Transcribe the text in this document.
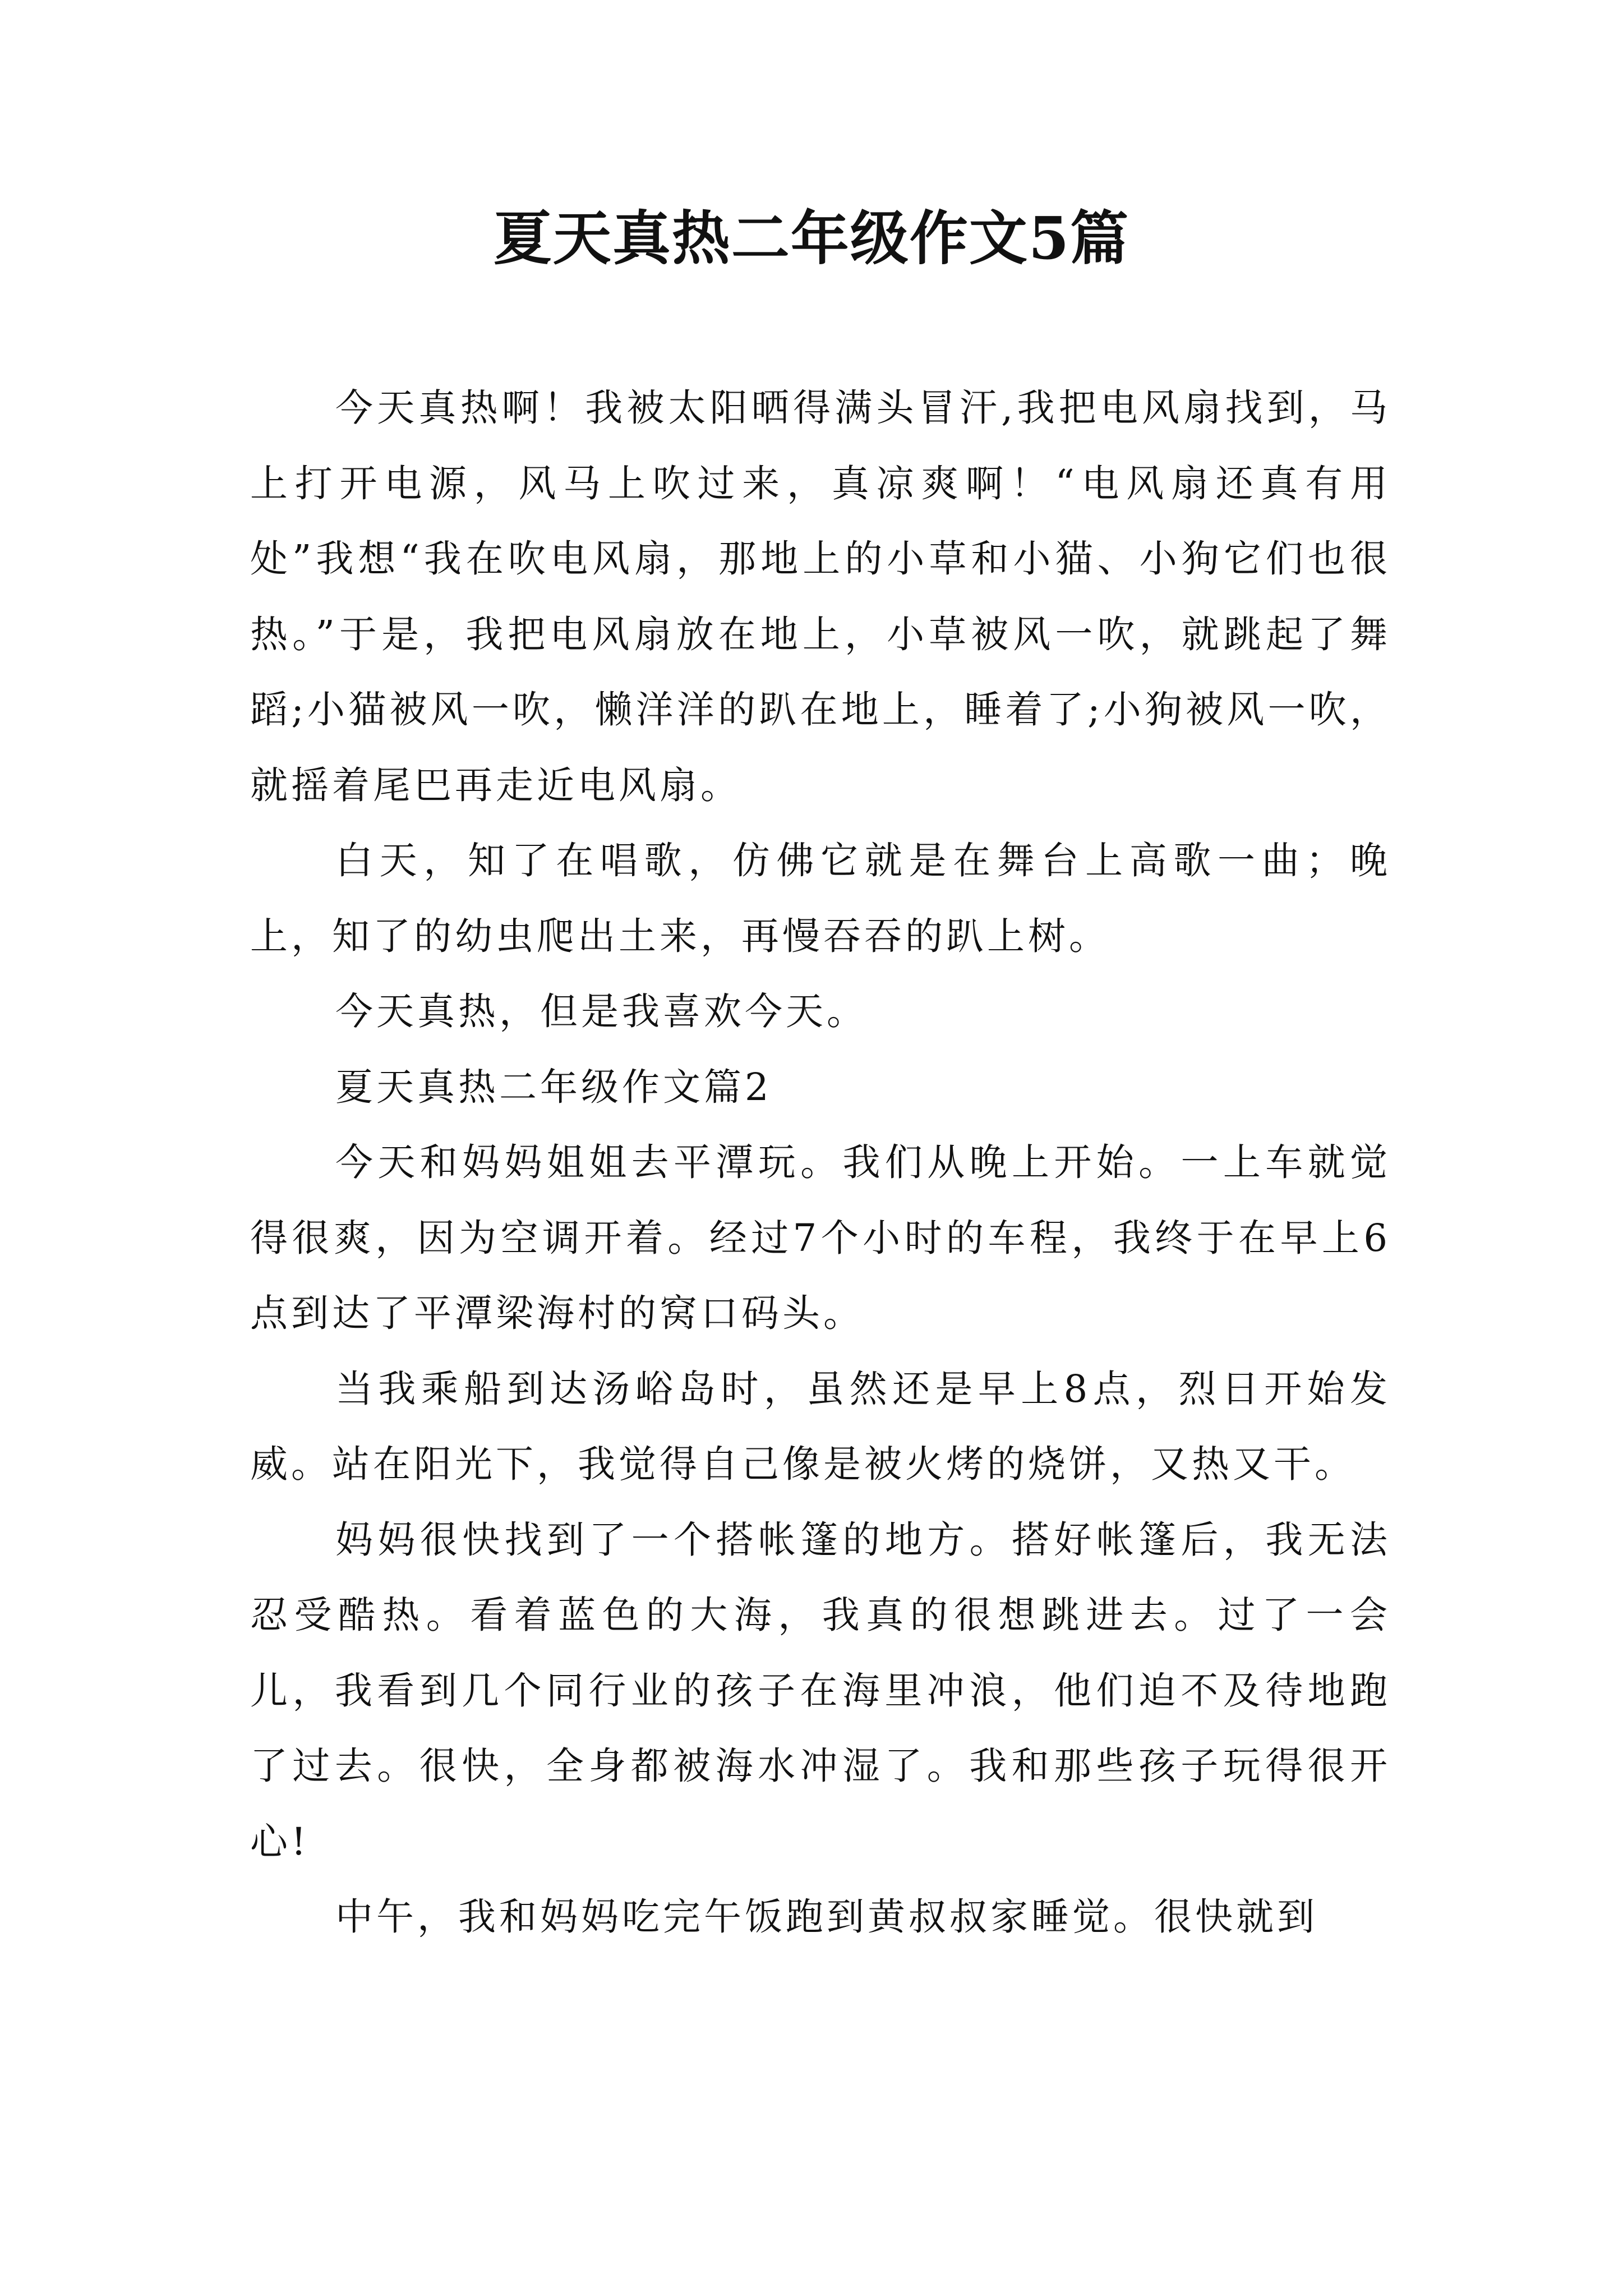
夏天真热二年级作文5篇

今天真热啊！我被太阳晒得满头冒汗,我把电风扇找到，马上打开电源，风马上吹过来，真凉爽啊！“电风扇还真有用处”我想“我在吹电风扇，那地上的小草和小猫、小狗它们也很热。”于是，我把电风扇放在地上，小草被风一吹，就跳起了舞蹈;小猫被风一吹，懒洋洋的趴在地上，睡着了;小狗被风一吹，就摇着尾巴再走近电风扇。

白天，知了在唱歌，仿佛它就是在舞台上高歌一曲；晚上，知了的幼虫爬出土来，再慢吞吞的趴上树。

今天真热，但是我喜欢今天。

夏天真热二年级作文篇2

今天和妈妈姐姐去平潭玩。我们从晚上开始。一上车就觉得很爽，因为空调开着。经过7个小时的车程，我终于在早上6点到达了平潭梁海村的窝口码头。

当我乘船到达汤峪岛时，虽然还是早上8点，烈日开始发威。站在阳光下，我觉得自己像是被火烤的烧饼，又热又干。

妈妈很快找到了一个搭帐篷的地方。搭好帐篷后，我无法忍受酷热。看着蓝色的大海，我真的很想跳进去。过了一会儿，我看到几个同行业的孩子在海里冲浪，他们迫不及待地跑了过去。很快，全身都被海水冲湿了。我和那些孩子玩得很开心!

中午，我和妈妈吃完午饭跑到黄叔叔家睡觉。很快就到
